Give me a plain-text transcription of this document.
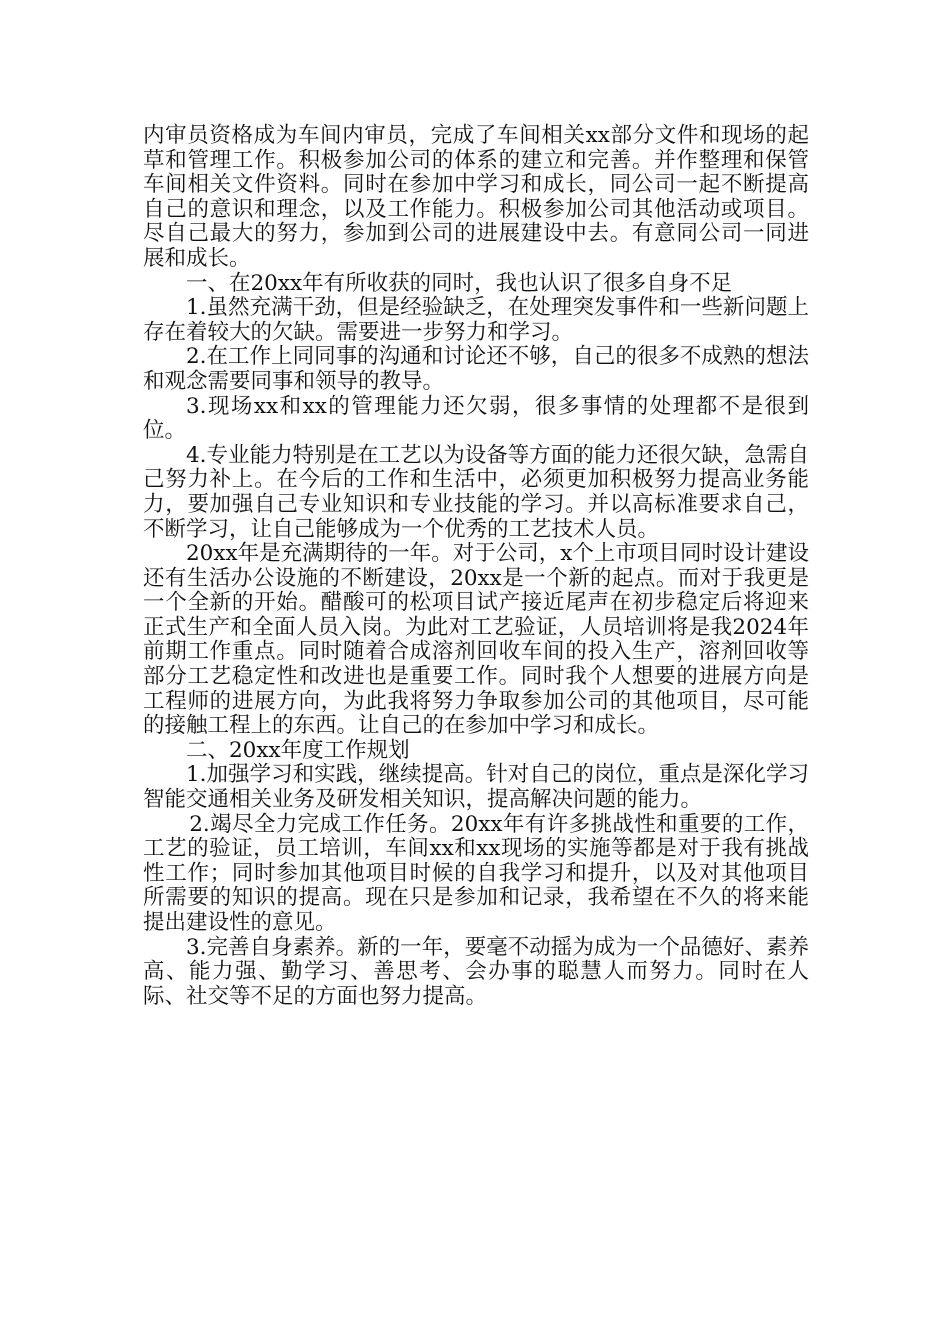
内审员资格成为车间内审员，完成了车间相关xx部分文件和现场的起草和管理工作。积极参加公司的体系的建立和完善。并作整理和保管车间相关文件资料。同时在参加中学习和成长，同公司一起不断提高自己的意识和理念，以及工作能力。积极参加公司其他活动或项目。尽自己最大的努力，参加到公司的进展建设中去。有意同公司一同进展和成长。

一、在20xx年有所收获的同时，我也认识了很多自身不足

1.虽然充满干劲，但是经验缺乏，在处理突发事件和一些新问题上存在着较大的欠缺。需要进一步努力和学习。

2.在工作上同同事的沟通和讨论还不够，自己的很多不成熟的想法和观念需要同事和领导的教导。

3.现场xx和xx的管理能力还欠弱，很多事情的处理都不是很到位。

4.专业能力特别是在工艺以为设备等方面的能力还很欠缺，急需自己努力补上。在今后的工作和生活中，必须更加积极努力提高业务能力，要加强自己专业知识和专业技能的学习。并以高标准要求自己，不断学习，让自己能够成为一个优秀的工艺技术人员。

20xx年是充满期待的一年。对于公司，x个上市项目同时设计建设还有生活办公设施的不断建设，20xx是一个新的起点。而对于我更是一个全新的开始。醋酸可的松项目试产接近尾声在初步稳定后将迎来正式生产和全面人员入岗。为此对工艺验证，人员培训将是我2024年前期工作重点。同时随着合成溶剂回收车间的投入生产，溶剂回收等部分工艺稳定性和改进也是重要工作。同时我个人想要的进展方向是工程师的进展方向，为此我将努力争取参加公司的其他项目，尽可能的接触工程上的东西。让自己的在参加中学习和成长。

二、20xx年度工作规划

1.加强学习和实践，继续提高。针对自己的岗位，重点是深化学习智能交通相关业务及研发相关知识，提高解决问题的能力。

2.竭尽全力完成工作任务。20xx年有许多挑战性和重要的工作，工艺的验证，员工培训，车间xx和xx现场的实施等都是对于我有挑战性工作；同时参加其他项目时候的自我学习和提升，以及对其他项目所需要的知识的提高。现在只是参加和记录，我希望在不久的将来能提出建设性的意见。

3.完善自身素养。新的一年，要毫不动摇为成为一个品德好、素养高、能力强、勤学习、善思考、会办事的聪慧人而努力。同时在人际、社交等不足的方面也努力提高。
